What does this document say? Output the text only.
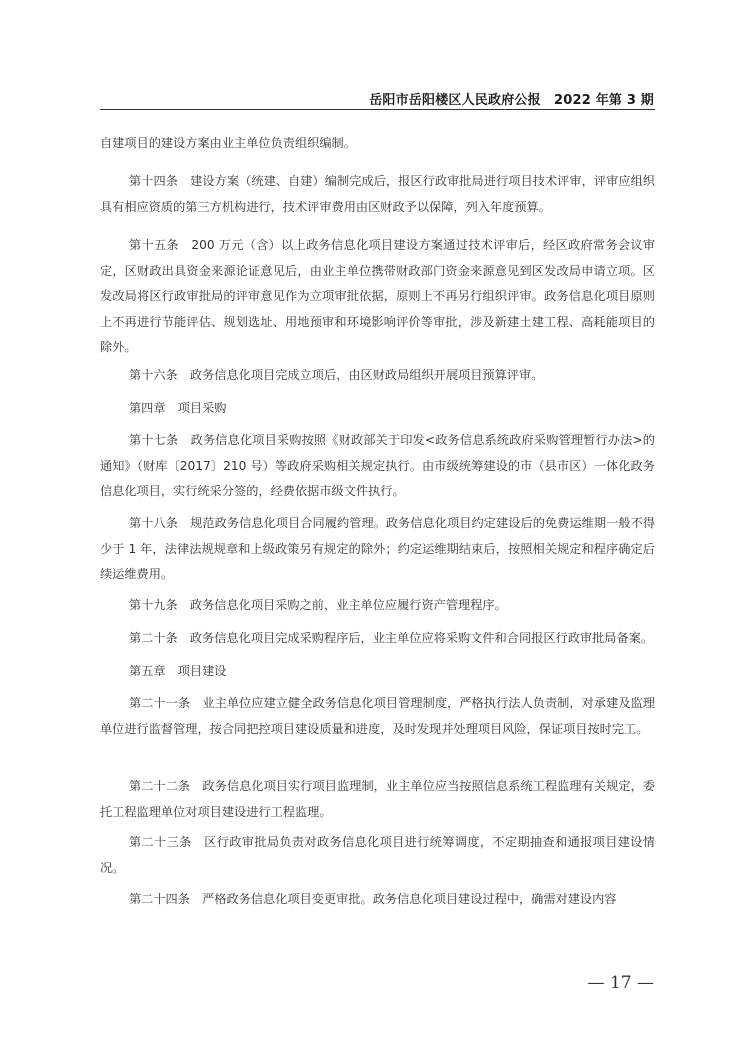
岳阳市岳阳楼区人民政府公报　2022 年第 3 期

自建项目的建设方案由业主单位负责组织编制。

第十四条　建设方案（统建、自建）编制完成后，报区行政审批局进行项目技术评审，评审应组织具有相应资质的第三方机构进行，技术评审费用由区财政予以保障，列入年度预算。

第十五条　200 万元（含）以上政务信息化项目建设方案通过技术评审后，经区政府常务会议审定，区财政出具资金来源论证意见后，由业主单位携带财政部门资金来源意见到区发改局申请立项。区发改局将区行政审批局的评审意见作为立项审批依据，原则上不再另行组织评审。政务信息化项目原则上不再进行节能评估、规划选址、用地预审和环境影响评价等审批，涉及新建土建工程、高耗能项目的除外。

第十六条　政务信息化项目完成立项后，由区财政局组织开展项目预算评审。

第四章　项目采购

第十七条　政务信息化项目采购按照《财政部关于印发<政务信息系统政府采购管理暂行办法>的通知》（财库〔2017〕210 号）等政府采购相关规定执行。由市级统筹建设的市（县市区）一体化政务信息化项目，实行统采分签的，经费依据市级文件执行。

第十八条　规范政务信息化项目合同履约管理。政务信息化项目约定建设后的免费运维期一般不得少于 1 年，法律法规规章和上级政策另有规定的除外；约定运维期结束后，按照相关规定和程序确定后续运维费用。

第十九条　政务信息化项目采购之前，业主单位应履行资产管理程序。

第二十条　政务信息化项目完成采购程序后，业主单位应将采购文件和合同报区行政审批局备案。

第五章　项目建设

第二十一条　业主单位应建立健全政务信息化项目管理制度，严格执行法人负责制，对承建及监理单位进行监督管理，按合同把控项目建设质量和进度，及时发现并处理项目风险，保证项目按时完工。

第二十二条　政务信息化项目实行项目监理制，业主单位应当按照信息系统工程监理有关规定，委托工程监理单位对项目建设进行工程监理。

第二十三条　区行政审批局负责对政务信息化项目进行统筹调度，不定期抽查和通报项目建设情况。

第二十四条　严格政务信息化项目变更审批。政务信息化项目建设过程中，确需对建设内容

— 17 —
